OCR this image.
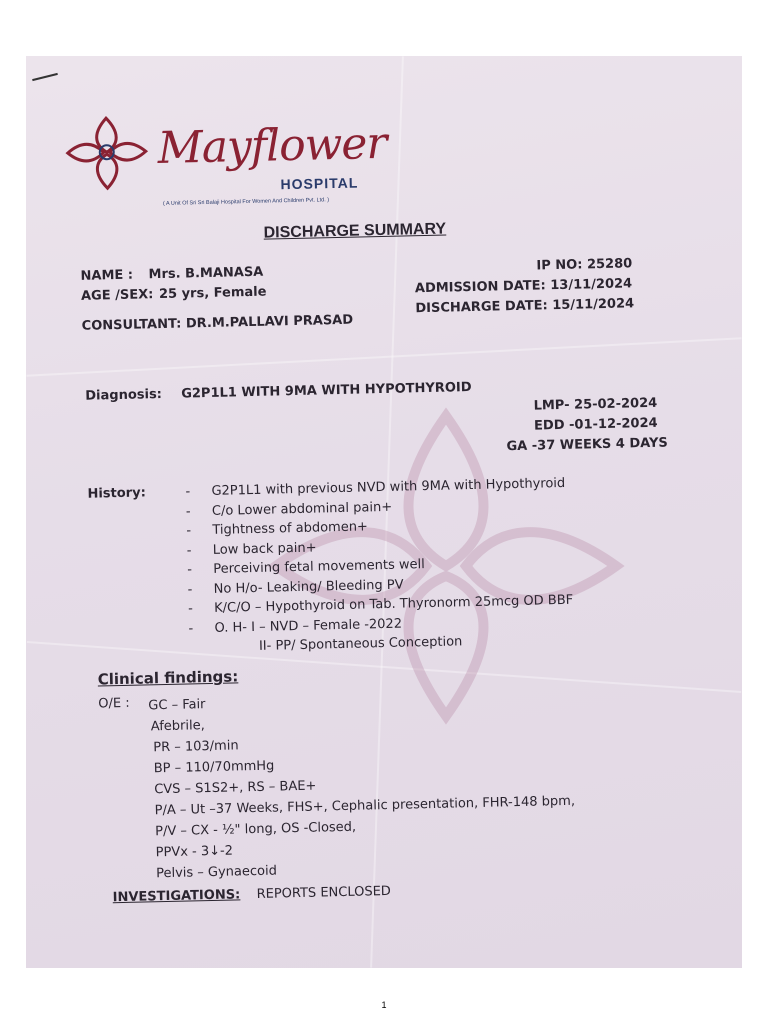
Mayflower
HOSPITAL
( A Unit Of Sri Sri Balaji Hospital For Women And Children Pvt. Ltd. )
DISCHARGE SUMMARY
NAME : Mrs. B.MANASA
AGE /SEX: 25 yrs, Female
IP NO: 25280
ADMISSION DATE: 13/11/2024
DISCHARGE DATE: 15/11/2024
CONSULTANT: DR.M.PALLAVI PRASAD
Diagnosis: G2P1L1 WITH 9MA WITH HYPOTHYROID
LMP- 25-02-2024
EDD -01-12-2024
GA -37 WEEKS 4 DAYS
History:	- G2P1L1 with previous NVD with 9MA with Hypothyroid
- C/o Lower abdominal pain+
- Tightness of abdomen+
- Low back pain+
- Perceiving fetal movements well
- No H/o- Leaking/ Bleeding PV
- K/C/O – Hypothyroid on Tab. Thyronorm 25mcg OD BBF
- O. H- I – NVD – Female -2022
II- PP/ Spontaneous Conception
Clinical findings:
O/E : GC – Fair
Afebrile,
PR – 103/min
BP – 110/70mmHg
CVS – S1S2+, RS – BAE+
P/A – Ut –37 Weeks, FHS+, Cephalic presentation, FHR-148 bpm,
P/V – CX - ½" long, OS -Closed,
PPVx - 3↓-2
Pelvis – Gynaecoid
INVESTIGATIONS: REPORTS ENCLOSED
1
